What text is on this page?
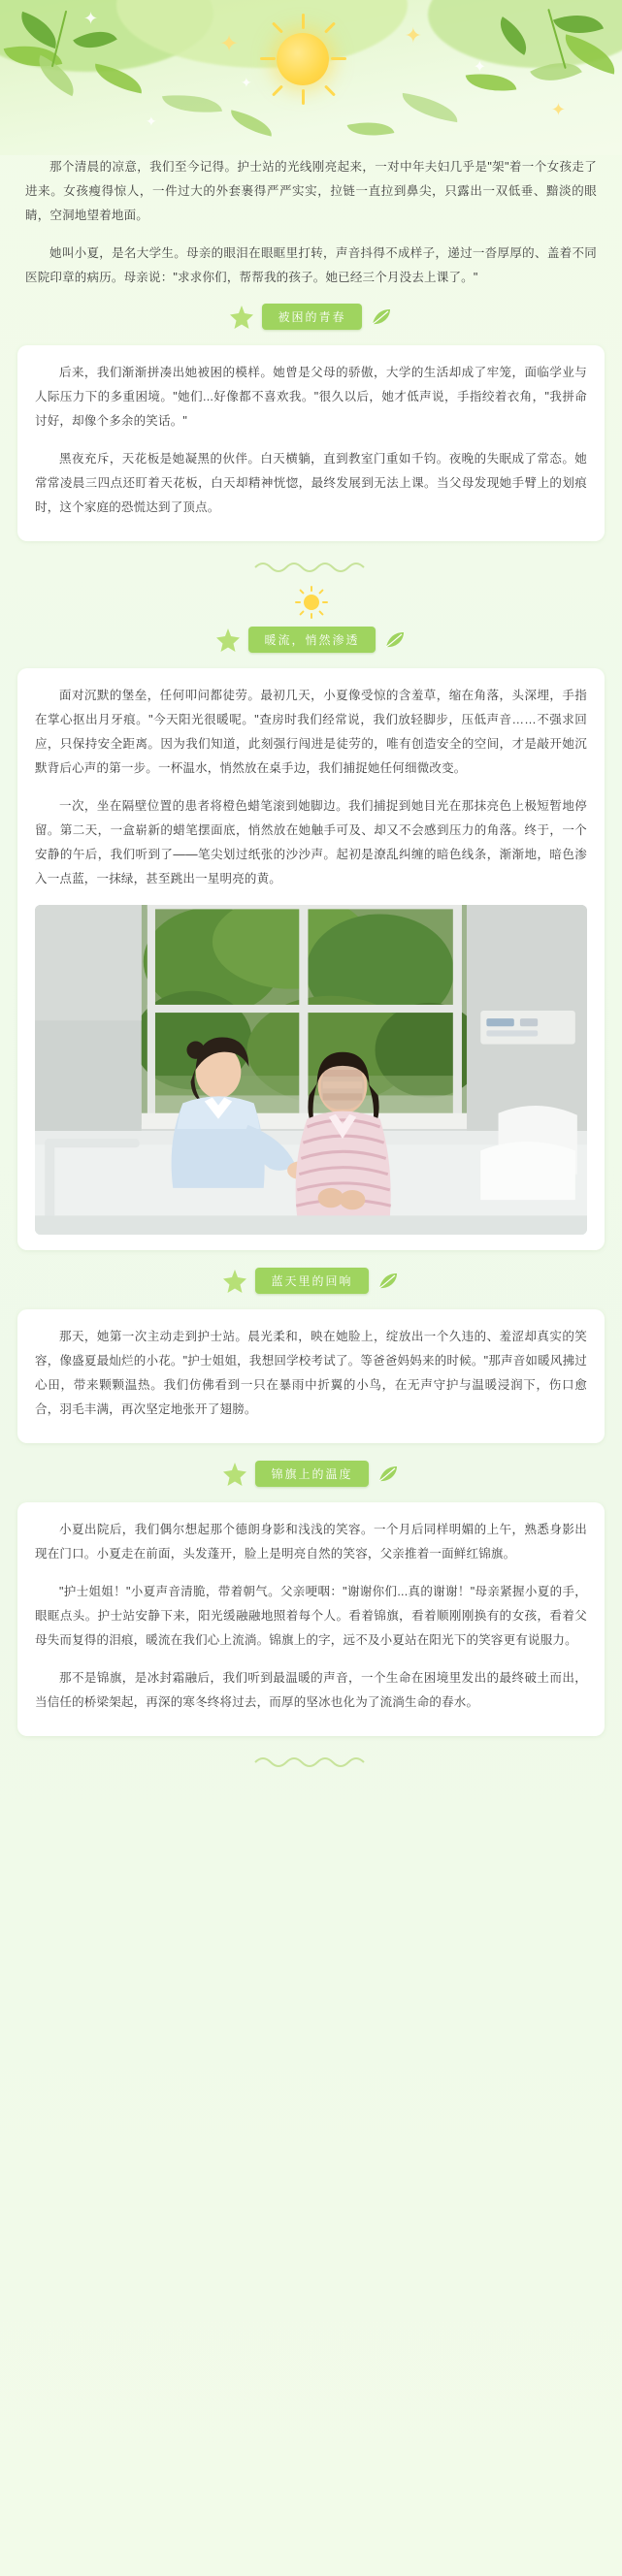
✦
✦
✦
✦
✦
✦
✦

那个清晨的凉意，我们至今记得。护士站的光线刚亮起来，一对中年夫妇几乎是"架"着一个女孩走了进来。女孩瘦得惊人，一件过大的外套裹得严严实实，拉链一直拉到鼻尖，只露出一双低垂、黯淡的眼睛，空洞地望着地面。

她叫小夏，是名大学生。母亲的眼泪在眼眶里打转，声音抖得不成样子，递过一沓厚厚的、盖着不同医院印章的病历。母亲说："求求你们，帮帮我的孩子。她已经三个月没去上课了。"

被困的青春

后来，我们渐渐拼凑出她被困的模样。她曾是父母的骄傲，大学的生活却成了牢笼，面临学业与人际压力下的多重困境。"她们...好像都不喜欢我。"很久以后，她才低声说，手指绞着衣角，"我拼命讨好，却像个多余的笑话。"

黑夜充斥，天花板是她凝黑的伙伴。白天横躺，直到教室门重如千钧。夜晚的失眠成了常态。她常常凌晨三四点还盯着天花板，白天却精神恍惚，最终发展到无法上课。当父母发现她手臂上的划痕时，这个家庭的恐慌达到了顶点。

暖流，悄然渗透

面对沉默的堡垒，任何叩问都徒劳。最初几天，小夏像受惊的含羞草，缩在角落，头深埋，手指在掌心抠出月牙痕。"今天阳光很暖呢。"查房时我们经常说，我们放轻脚步，压低声音……不强求回应，只保持安全距离。因为我们知道，此刻强行闯进是徒劳的，唯有创造安全的空间，才是敲开她沉默背后心声的第一步。一杯温水，悄然放在桌手边，我们捕捉她任何细微改变。

一次，坐在隔壁位置的患者将橙色蜡笔滚到她脚边。我们捕捉到她目光在那抹亮色上极短暂地停留。第二天，一盒崭新的蜡笔摆面底，悄然放在她触手可及、却又不会感到压力的角落。终于，一个安静的午后，我们听到了——笔尖划过纸张的沙沙声。起初是潦乱纠缠的暗色线条，渐渐地，暗色渗入一点蓝，一抹绿，甚至跳出一星明亮的黄。

蓝天里的回响

那天，她第一次主动走到护士站。晨光柔和，映在她脸上，绽放出一个久违的、羞涩却真实的笑容，像盛夏最灿烂的小花。"护士姐姐，我想回学校考试了。等爸爸妈妈来的时候。"那声音如暖风拂过心田，带来颗颗温热。我们仿佛看到一只在暴雨中折翼的小鸟，在无声守护与温暖浸润下，伤口愈合，羽毛丰满，再次坚定地张开了翅膀。

锦旗上的温度

小夏出院后，我们偶尔想起那个德朗身影和浅浅的笑容。一个月后同样明媚的上午，熟悉身影出现在门口。小夏走在前面，头发蓬开，脸上是明亮自然的笑容，父亲推着一面鲜红锦旗。

"护士姐姐！"小夏声音清脆，带着朝气。父亲哽咽："谢谢你们...真的谢谢！"母亲紧握小夏的手，眼眶点头。护士站安静下来，阳光缓融融地照着每个人。看着锦旗，看着顺刚刚换有的女孩，看着父母失而复得的泪痕，暖流在我们心上流淌。锦旗上的字，远不及小夏站在阳光下的笑容更有说服力。

那不是锦旗，是冰封霜融后，我们听到最温暖的声音，一个生命在困境里发出的最终破土而出，当信任的桥梁架起，再深的寒冬终将过去，而厚的坚冰也化为了流淌生命的春水。
